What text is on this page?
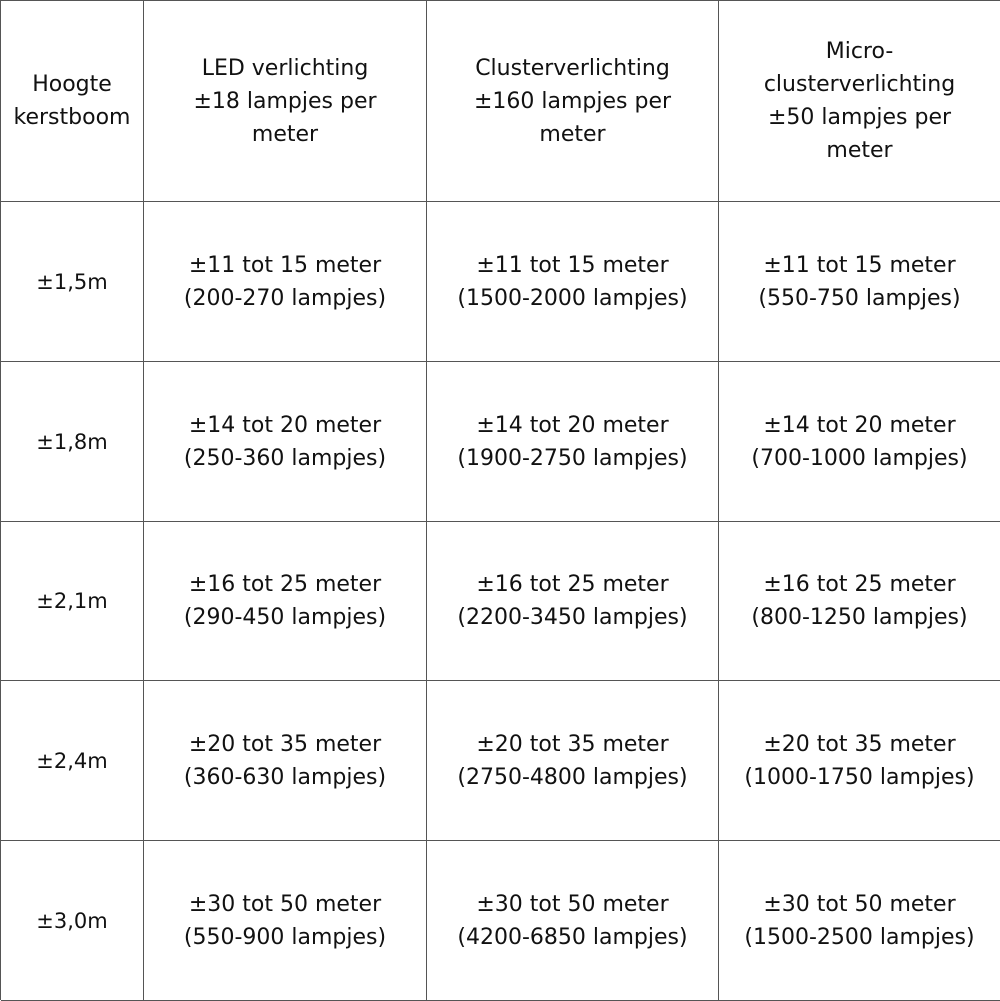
Hoogte
kerstboom
LED verlichting
±18 lampjes per
meter
Clusterverlichting
±160 lampjes per
meter
Micro-
clusterverlichting
±50 lampjes per
meter
±1,5m
±11 tot 15 meter
(200-270 lampjes)
±11 tot 15 meter
(1500-2000 lampjes)
±11 tot 15 meter
(550-750 lampjes)
±1,8m
±14 tot 20 meter
(250-360 lampjes)
±14 tot 20 meter
(1900-2750 lampjes)
±14 tot 20 meter
(700-1000 lampjes)
±2,1m
±16 tot 25 meter
(290-450 lampjes)
±16 tot 25 meter
(2200-3450 lampjes)
±16 tot 25 meter
(800-1250 lampjes)
±2,4m
±20 tot 35 meter
(360-630 lampjes)
±20 tot 35 meter
(2750-4800 lampjes)
±20 tot 35 meter
(1000-1750 lampjes)
±3,0m
±30 tot 50 meter
(550-900 lampjes)
±30 tot 50 meter
(4200-6850 lampjes)
±30 tot 50 meter
(1500-2500 lampjes)
